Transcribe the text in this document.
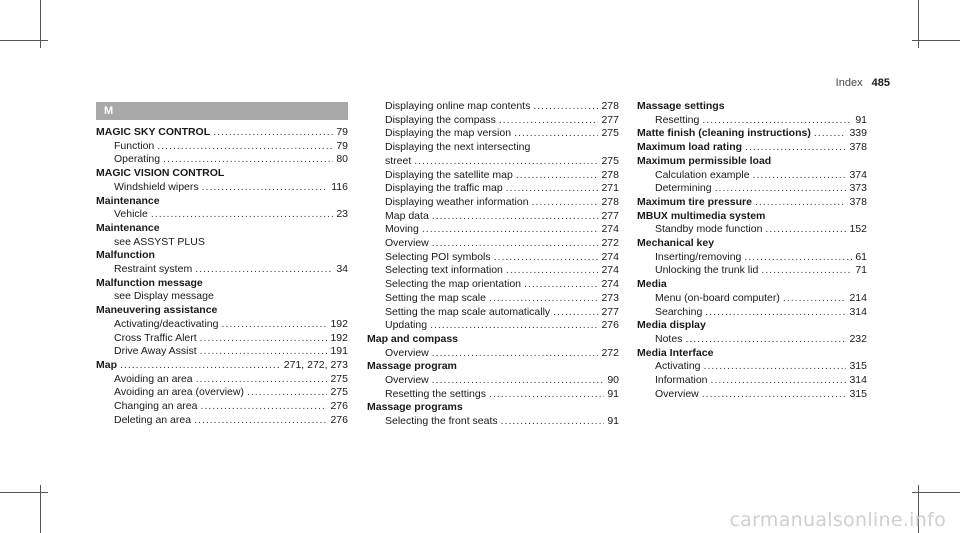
Index 485
M
MAGIC SKY CONTROL .....	79
Function .....	79
Operating .....	80
MAGIC VISION CONTROL
Windshield wipers .....	116
Maintenance
Vehicle .....	23
Maintenance
see ASSYST PLUS
Malfunction
Restraint system .....	34
Malfunction message
see Display message
Maneuvering assistance
Activating/deactivating .....	192
Cross Traffic Alert .....	192
Drive Away Assist .....	191
Map .....	271, 272, 273
Avoiding an area .....	275
Avoiding an area (overview) .....	275
Changing an area .....	276
Deleting an area .....	276
Displaying online map contents .....	278
Displaying the compass .....	277
Displaying the map version .....	275
Displaying the next intersecting
street .....	275
Displaying the satellite map .....	278
Displaying the traffic map .....	271
Displaying weather information .....	278
Map data .....	277
Moving .....	274
Overview .....	272
Selecting POI symbols .....	274
Selecting text information .....	274
Selecting the map orientation .....	274
Setting the map scale .....	273
Setting the map scale automatically .....	277
Updating .....	276
Map and compass
Overview .....	272
Massage program
Overview .....	90
Resetting the settings .....	91
Massage programs
Selecting the front seats .....	91
Massage settings
Resetting .....	91
Matte finish (cleaning instructions) .....	339
Maximum load rating .....	378
Maximum permissible load
Calculation example .....	374
Determining .....	373
Maximum tire pressure .....	378
MBUX multimedia system
Standby mode function .....	152
Mechanical key
Inserting/removing .....	61
Unlocking the trunk lid .....	71
Media
Menu (on-board computer) .....	214
Searching .....	314
Media display
Notes .....	232
Media Interface
Activating .....	315
Information .....	314
Overview .....	315
carmanualsonline.info
